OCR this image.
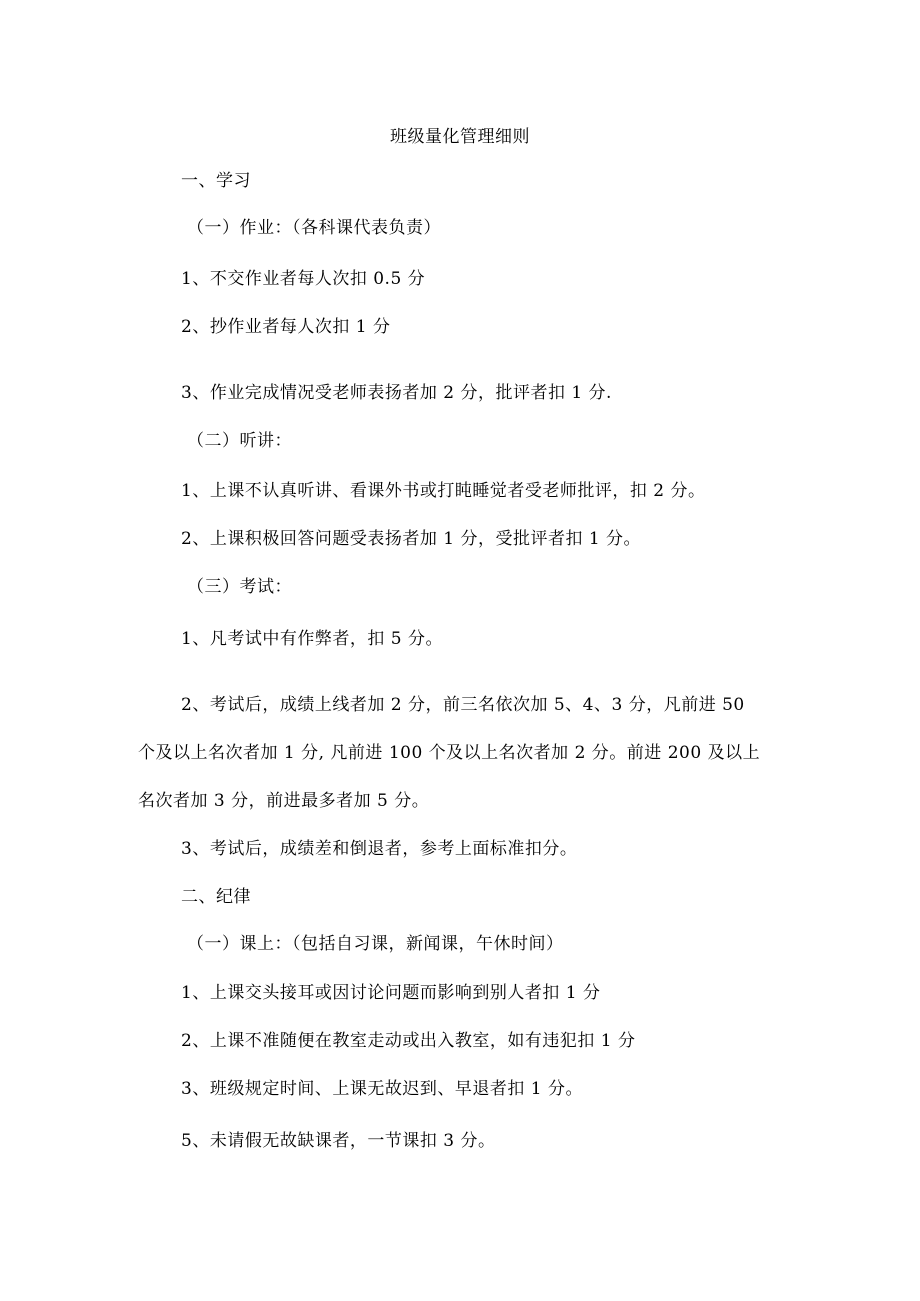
班级量化管理细则
一、学习
（一）作业：（各科课代表负责）
1、不交作业者每人次扣 0.5 分
2、抄作业者每人次扣 1 分
3、作业完成情况受老师表扬者加 2 分，批评者扣 1 分.
（二）听讲：
1、上课不认真听讲、看课外书或打盹睡觉者受老师批评，扣 2 分。
2、上课积极回答问题受表扬者加 1 分，受批评者扣 1 分。
（三）考试：
1、凡考试中有作弊者，扣 5 分。
2、考试后，成绩上线者加 2 分，前三名依次加 5、4、3 分，凡前进 50
个及以上名次者加 1 分, 凡前进 100 个及以上名次者加 2 分。前进 200 及以上
名次者加 3 分，前进最多者加 5 分。
3、考试后，成绩差和倒退者，参考上面标准扣分。
二、纪律
（一）课上：（包括自习课，新闻课，午休时间）
1、上课交头接耳或因讨论问题而影响到别人者扣 1 分
2、上课不准随便在教室走动或出入教室，如有违犯扣 1 分
3、班级规定时间、上课无故迟到、早退者扣 1 分。
5、未请假无故缺课者，一节课扣 3 分。
